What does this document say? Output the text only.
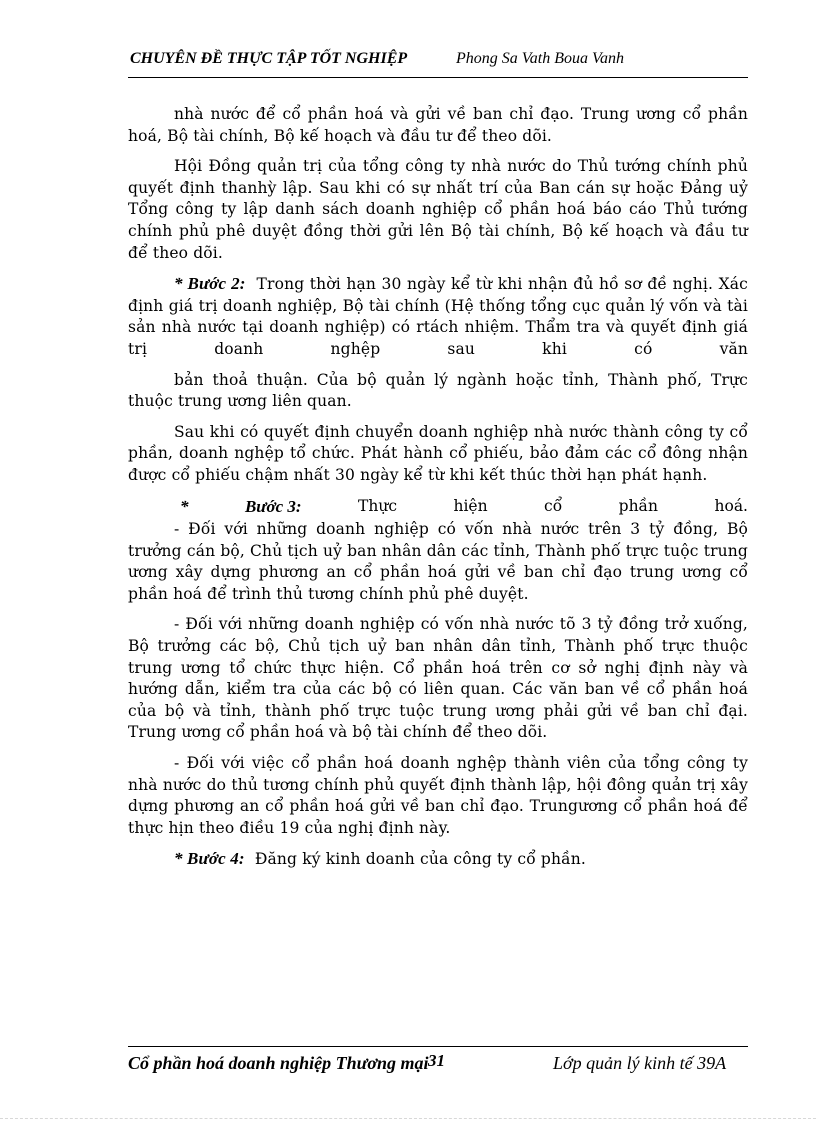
CHUYÊN ĐỀ THỰC TẬP TỐT NGHIỆP	Phong Sa Vath Boua Vanh

nhà nước để cổ phần hoá và gửi về ban chỉ đạo. Trung ương cổ phần hoá, Bộ tài chính, Bộ kế hoạch và đầu tư để theo dõi.

Hội Đồng quản trị của tổng công ty nhà nước do Thủ tướng chính phủ quyết định thanhỳ lập. Sau khi có sự nhất trí của Ban cán sự hoặc Đảng uỷ Tổng công ty lập danh sách doanh nghiệp cổ phần hoá báo cáo Thủ tướng chính phủ phê duyệt đồng thời gửi lên Bộ tài chính, Bộ kế hoạch và đầu tư để theo dõi.

* Bước 2: Trong thời hạn 30 ngày kể từ khi nhận đủ hồ sơ đề nghị. Xác định giá trị doanh nghiệp, Bộ tài chính (Hệ thống tổng cục quản lý vốn và tài sản nhà nước tại doanh nghiệp) có rtách nhiệm. Thẩm tra và quyết định giá trị doanh nghệp sau khi có văn

bản thoả thuận. Của bộ quản lý ngành hoặc tỉnh, Thành phố, Trực thuộc trung ương liên quan.

Sau khi có quyết định chuyển doanh nghiệp nhà nước thành công ty cổ phần, doanh nghệp tổ chức. Phát hành cổ phiếu, bảo đảm các cổ đông nhận được cổ phiếu chậm nhất 30 ngày kể từ khi kết thúc thời hạn phát hạnh.

*	Bước 3:	Thực	hiện	cổ	phần	hoá.

- Đối với những doanh nghiệp có vốn nhà nước trên 3 tỷ đồng, Bộ trưởng cán bộ, Chủ tịch uỷ ban nhân dân các tỉnh, Thành phố trực tuộc trung ương xây dựng phương an cổ phần hoá gửi về ban chỉ đạo trung ương cổ phần hoá để trình thủ tương chính phủ phê duyệt.

- Đối với những doanh nghiệp có vốn nhà nước tõ 3 tỷ đồng trở xuống, Bộ trưởng các bộ, Chủ tịch uỷ ban nhân dân tỉnh, Thành phố trực thuộc trung ương tổ chức thực hiện. Cổ phần hoá trên cơ sở nghị định này và hướng dẫn, kiểm tra của các bộ có liên quan. Các văn ban về cổ phần hoá của bộ và tỉnh, thành phố trực tuộc trung ương phải gửi về ban chỉ đại. Trung ương cổ phần hoá và bộ tài chính để theo dõi.

- Đối với việc cổ phần hoá doanh nghệp thành viên của tổng công ty nhà nước do thủ tương chính phủ quyết định thành lập, hội đông quản trị xây dựng phương an cổ phần hoá gửi về ban chỉ đạo. Trungương cổ phần hoá để thực hịn theo điều 19 của nghị định này.

* Bước 4: Đăng ký kinh doanh của công ty cổ phần.

Cổ phần hoá doanh nghiệp Thương mại 31	Lớp quản lý kinh tế 39A
